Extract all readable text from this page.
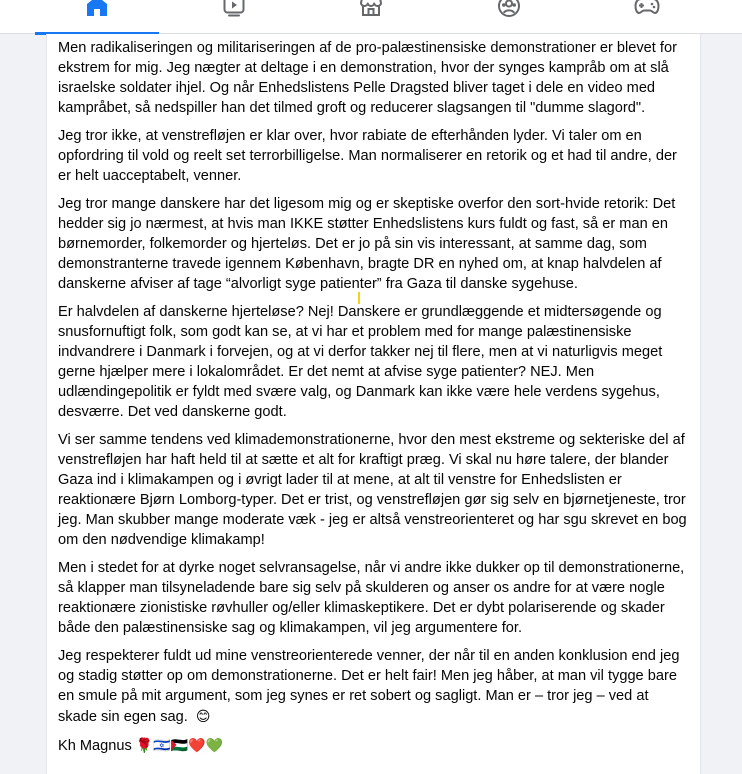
Men radikaliseringen og militariseringen af de pro-palæstinensiske demonstrationer er blevet for ekstrem for mig. Jeg nægter at deltage i en demonstration, hvor der synges kampråb om at slå israelske soldater ihjel. Og når Enhedslistens Pelle Dragsted bliver taget i dele en video med kampråbet, så nedspiller han det tilmed groft og reducerer slagsangen til "dumme slagord".

Jeg tror ikke, at venstrefløjen er klar over, hvor rabiate de efterhånden lyder. Vi taler om en opfordring til vold og reelt set terrorbilligelse. Man normaliserer en retorik og et had til andre, der er helt uacceptabelt, venner.

Jeg tror mange danskere har det ligesom mig og er skeptiske overfor den sort-hvide retorik: Det hedder sig jo nærmest, at hvis man IKKE støtter Enhedslistens kurs fuldt og fast, så er man en børnemorder, folkemorder og hjerteløs. Det er jo på sin vis interessant, at samme dag, som demonstranterne travede igennem København, bragte DR en nyhed om, at knap halvdelen af danskerne afviser af tage “alvorligt syge patienter” fra Gaza til danske sygehuse.

Er halvdelen af danskerne hjerteløse? Nej! Danskere er grundlæggende et midtersøgende og snusfornuftigt folk, som godt kan se, at vi har et problem med for mange palæstinensiske indvandrere i Danmark i forvejen, og at vi derfor takker nej til flere, men at vi naturligvis meget gerne hjælper mere i lokalområdet. Er det nemt at afvise syge patienter? NEJ. Men udlændingepolitik er fyldt med svære valg, og Danmark kan ikke være hele verdens sygehus, desværre. Det ved danskerne godt.

Vi ser samme tendens ved klimademonstrationerne, hvor den mest ekstreme og sekteriske del af venstrefløjen har haft held til at sætte et alt for kraftigt præg. Vi skal nu høre talere, der blander Gaza ind i klimakampen og i øvrigt lader til at mene, at alt til venstre for Enhedslisten er reaktionære Bjørn Lomborg-typer. Det er trist, og venstrefløjen gør sig selv en bjørnetjeneste, tror jeg. Man skubber mange moderate væk - jeg er altså venstreorienteret og har sgu skrevet en bog om den nødvendige klimakamp!

Men i stedet for at dyrke noget selvransagelse, når vi andre ikke dukker op til demonstrationerne, så klapper man tilsyneladende bare sig selv på skulderen og anser os andre for at være nogle reaktionære zionistiske røvhuller og/eller klimaskeptikere. Det er dybt polariserende og skader både den palæstinensiske sag og klimakampen, vil jeg argumentere for.

Jeg respekterer fuldt ud mine venstreorienterede venner, der når til en anden konklusion end jeg og stadig støtter op om demonstrationerne. Det er helt fair! Men jeg håber, at man vil tygge bare en smule på mit argument, som jeg synes er ret sobert og sagligt. Man er – tror jeg – ved at skade sin egen sag. 😊

Kh Magnus 🌹🇮🇱🇵🇸❤️💚
